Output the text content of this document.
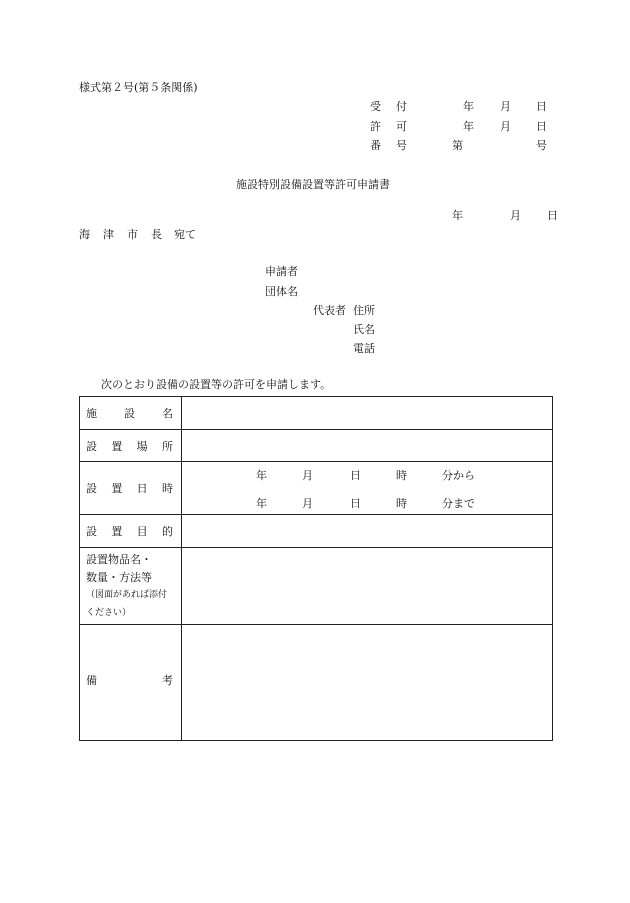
様式第２号(第５条関係)
受 付	年 月 日
許 可	年 月 日
番 号	第	号
施設特別設備設置等許可申請書
年	月 日
海 津 市 長 宛て
申請者
団体名
代表者 住所
氏名
電話
次のとおり設備の設置等の許可を申請します。
施 設 名
設 置 場 所
設 置 日 時
年	月	日	時	分から
年	月	日	時	分まで
設 置 目 的
設置物品名・
数量・方法等
（図面があれば添付
ください）
備	考
